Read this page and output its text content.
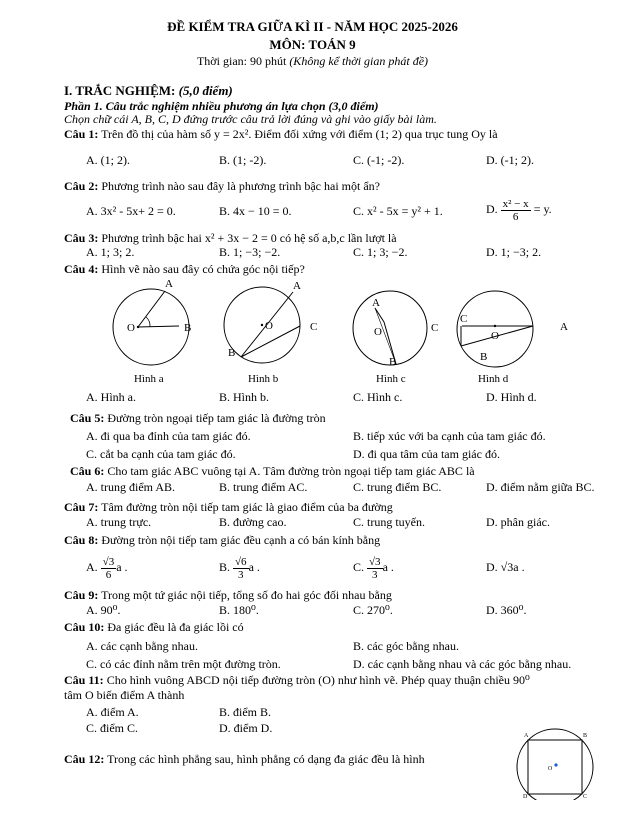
ĐỀ KIỂM TRA GIỮA KÌ II - NĂM HỌC 2025-2026
MÔN: TOÁN 9
Thời gian: 90 phút (Không kể thời gian phát đề)
I. TRẮC NGHIỆM: (5,0 điểm)
Phần 1. Câu trắc nghiệm nhiều phương án lựa chọn (3,0 điểm)
Chọn chữ cái A, B, C, D đứng trước câu trả lời đúng và ghi vào giấy bài làm.
Câu 1: Trên đồ thị của hàm số y = 2x². Điểm đối xứng với điểm (1; 2) qua trục tung Oy là
A. (1; 2).	B. (1; -2).	C. (-1; -2).	D. (-1; 2).
Câu 2: Phương trình nào sau đây là phương trình bậc hai một ẩn?
A. 3x² - 5x+ 2 = 0.	B. 4x − 10 = 0.	C. x² - 5x = y² + 1.	D. $\frac{\text{x² − x}}{6} = y$.
Câu 3: Phương trình bậc hai x² + 3x − 2 = 0 có hệ số a,b,c lần lượt là
A. 1; 3; 2.	B. 1; −3; −2.	C. 1; 3; −2.	D. 1; −3; 2.
Câu 4: Hình vẽ nào sau đây có chứa góc nội tiếp?
A
O	B
Hình a
A
O	C
B
Hình b
A
O	C
B
Hình c
C
O
A
B
Hình d
A. Hình a.	B. Hình b.	C. Hình c.	D. Hình d.
Câu 5: Đường tròn ngoại tiếp tam giác là đường tròn
A. đi qua ba đỉnh của tam giác đó.	B. tiếp xúc với ba cạnh của tam giác đó.
C. cắt ba cạnh của tam giác đó.	D. đi qua tâm của tam giác đó.
Câu 6: Cho tam giác ABC vuông tại A. Tâm đường tròn ngoại tiếp tam giác ABC là
A. trung điểm AB.	B. trung điểm AC.	C. trung điểm BC.	D. điểm nằm giữa BC.
Câu 7: Tâm đường tròn nội tiếp tam giác là giao điểm của ba đường
A. trung trực.	B. đường cao.	C. trung tuyến.	D. phân giác.
Câu 8: Đường tròn nội tiếp tam giác đều cạnh a có bán kính bằng
A. $\frac{√3}{6}$ a .	B. $\frac{√6}{3}$ a .	C. $\frac{√3}{3}$ a .	D. √3a .
Câu 9: Trong một tứ giác nội tiếp, tổng số đo hai góc đối nhau bằng
A. 90⁰.	B. 180⁰.	C. 270⁰.	D. 360⁰.
Câu 10: Đa giác đều là đa giác lồi có
A. các cạnh bằng nhau.	B. các góc bằng nhau.
C. có các đỉnh nằm trên một đường tròn.	D. các cạnh bằng nhau và các góc bằng nhau.
Câu 11: Cho hình vuông ABCD nội tiếp đường tròn (O) như hình vẽ. Phép quay thuận chiều 90⁰
tâm O biến điểm A thành
A. điểm A.	B. điểm B.
C. điểm C.	D. điểm D.
Câu 12: Trong các hình phẳng sau, hình phẳng có dạng đa giác đều là hình
A	B
C
D
O
